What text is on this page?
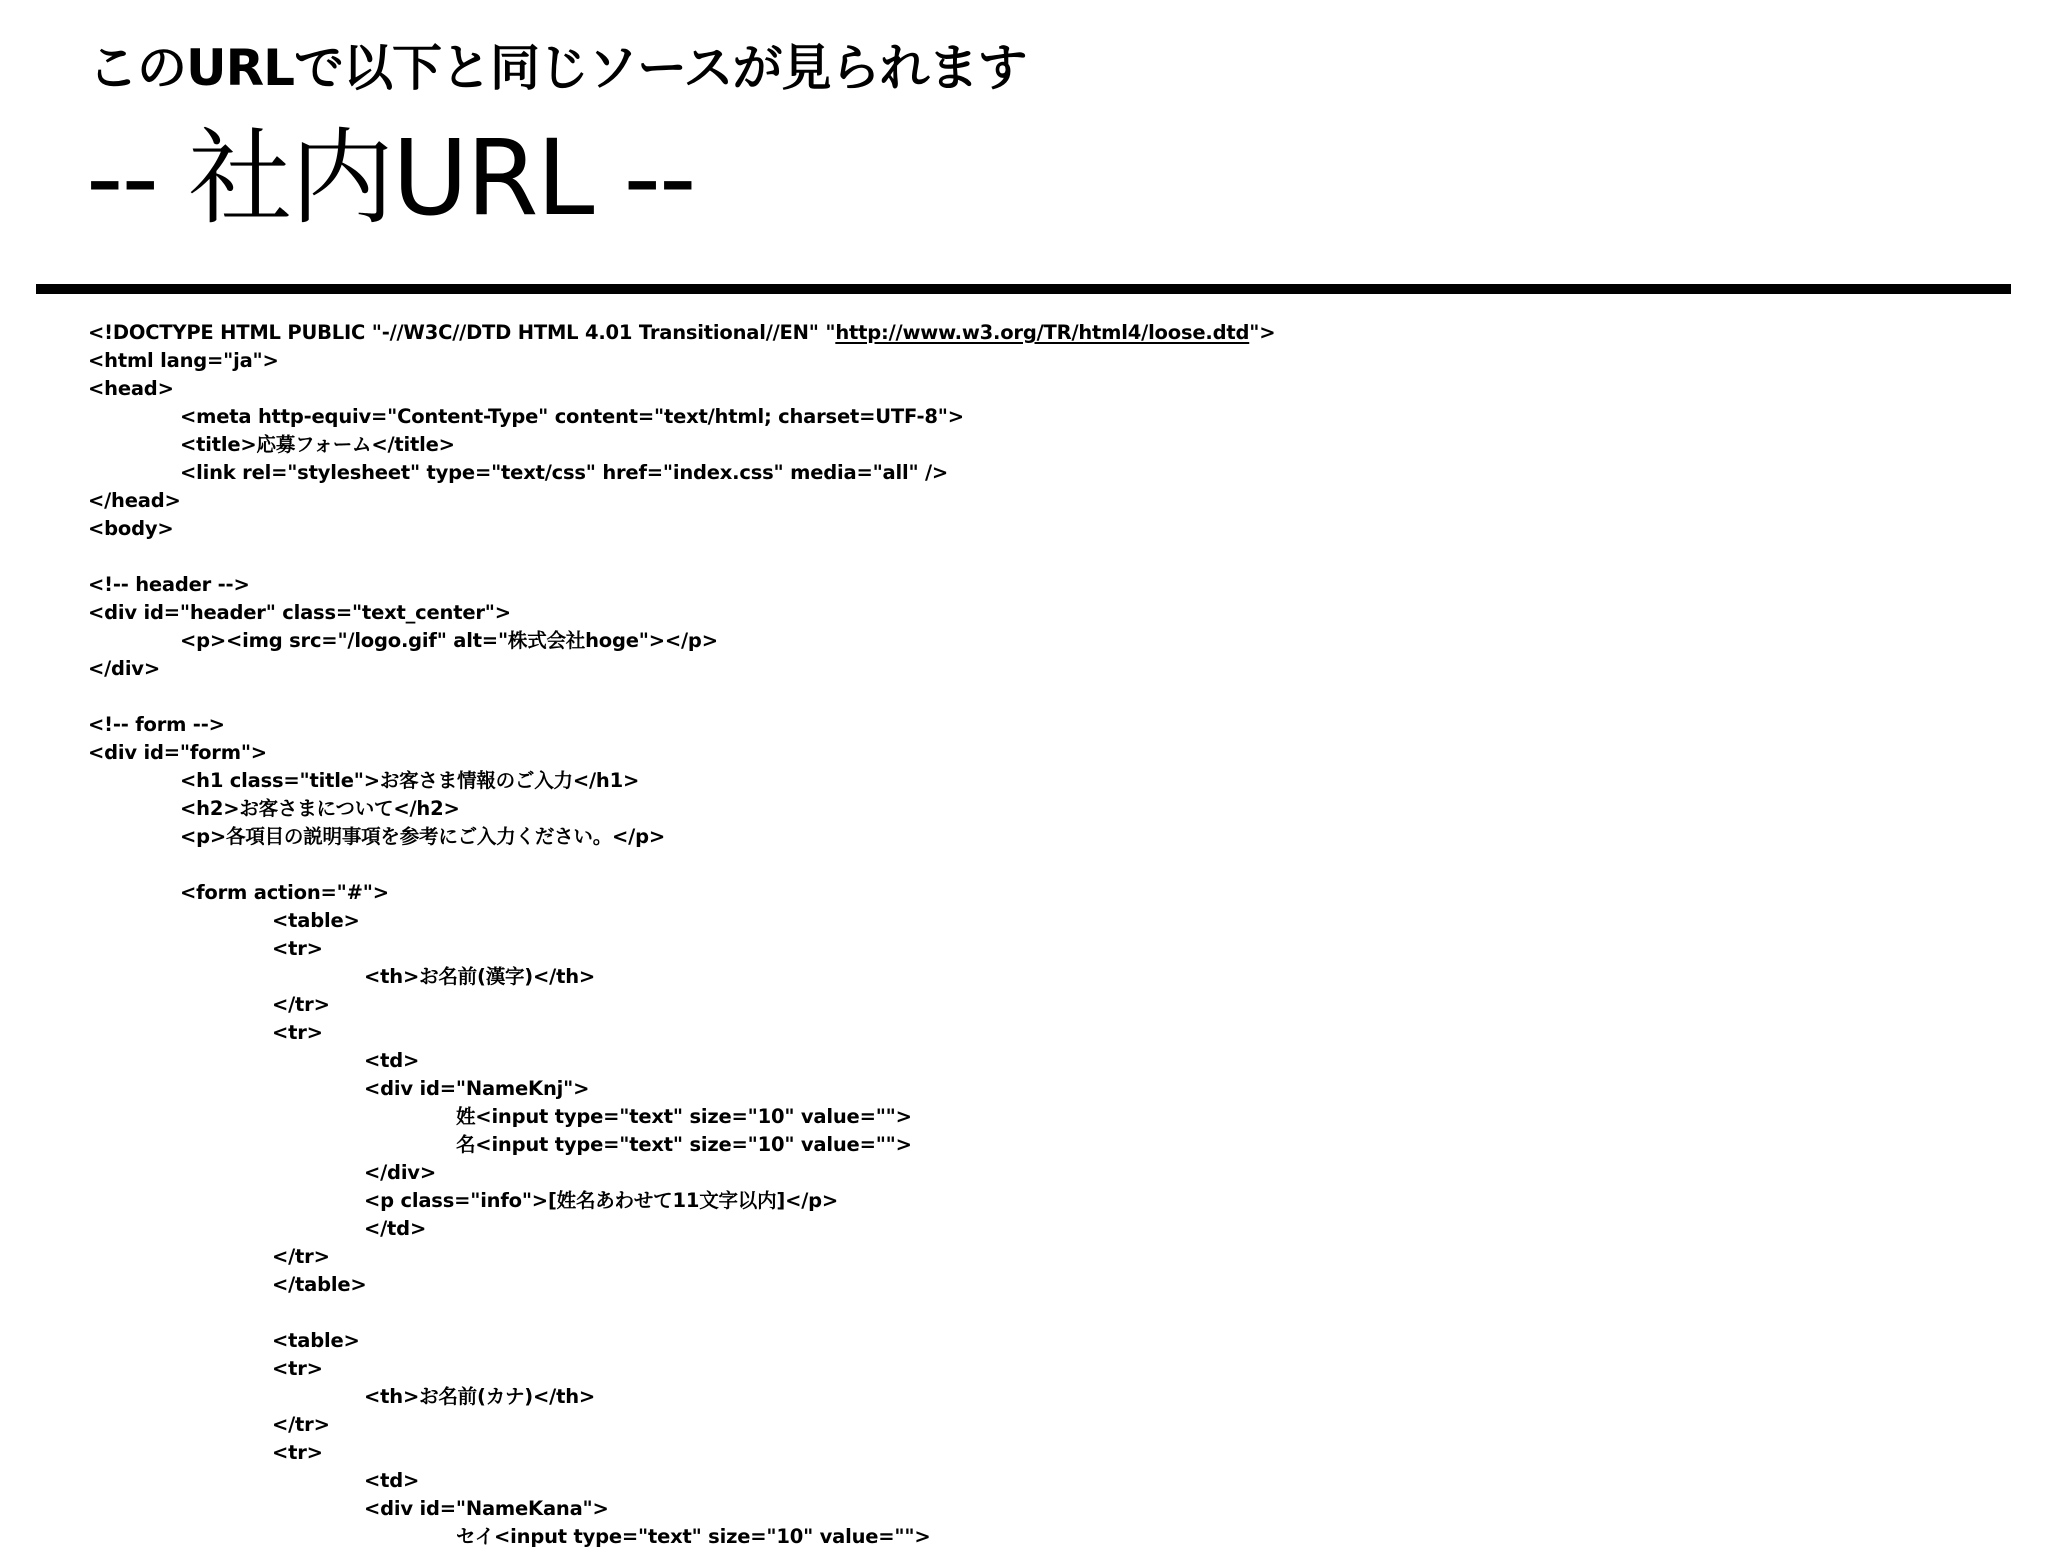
このURLで以下と同じソースが見られます
-- 社内URL --
<!DOCTYPE HTML PUBLIC "-//W3C//DTD HTML 4.01 Transitional//EN" "http://www.w3.org/TR/html4/loose.dtd">
<html lang="ja">
<head>
<meta http-equiv="Content-Type" content="text/html; charset=UTF-8">
<title>応募フォーム</title>
<link rel="stylesheet" type="text/css" href="index.css" media="all" />
</head>
<body>
<!-- header -->
<div id="header" class="text_center">
<p><img src="/logo.gif" alt="株式会社hoge"></p>
</div>
<!-- form -->
<div id="form">
<h1 class="title">お客さま情報のご入力</h1>
<h2>お客さまについて</h2>
<p>各項目の説明事項を参考にご入力ください。</p>
<form action="#">
<table>
<tr>
<th>お名前(漢字)</th>
</tr>
<tr>
<td>
<div id="NameKnj">
姓<input type="text" size="10" value="">
名<input type="text" size="10" value="">
</div>
<p class="info">[姓名あわせて11文字以内]</p>
</td>
</tr>
</table>
<table>
<tr>
<th>お名前(カナ)</th>
</tr>
<tr>
<td>
<div id="NameKana">
セイ<input type="text" size="10" value="">
